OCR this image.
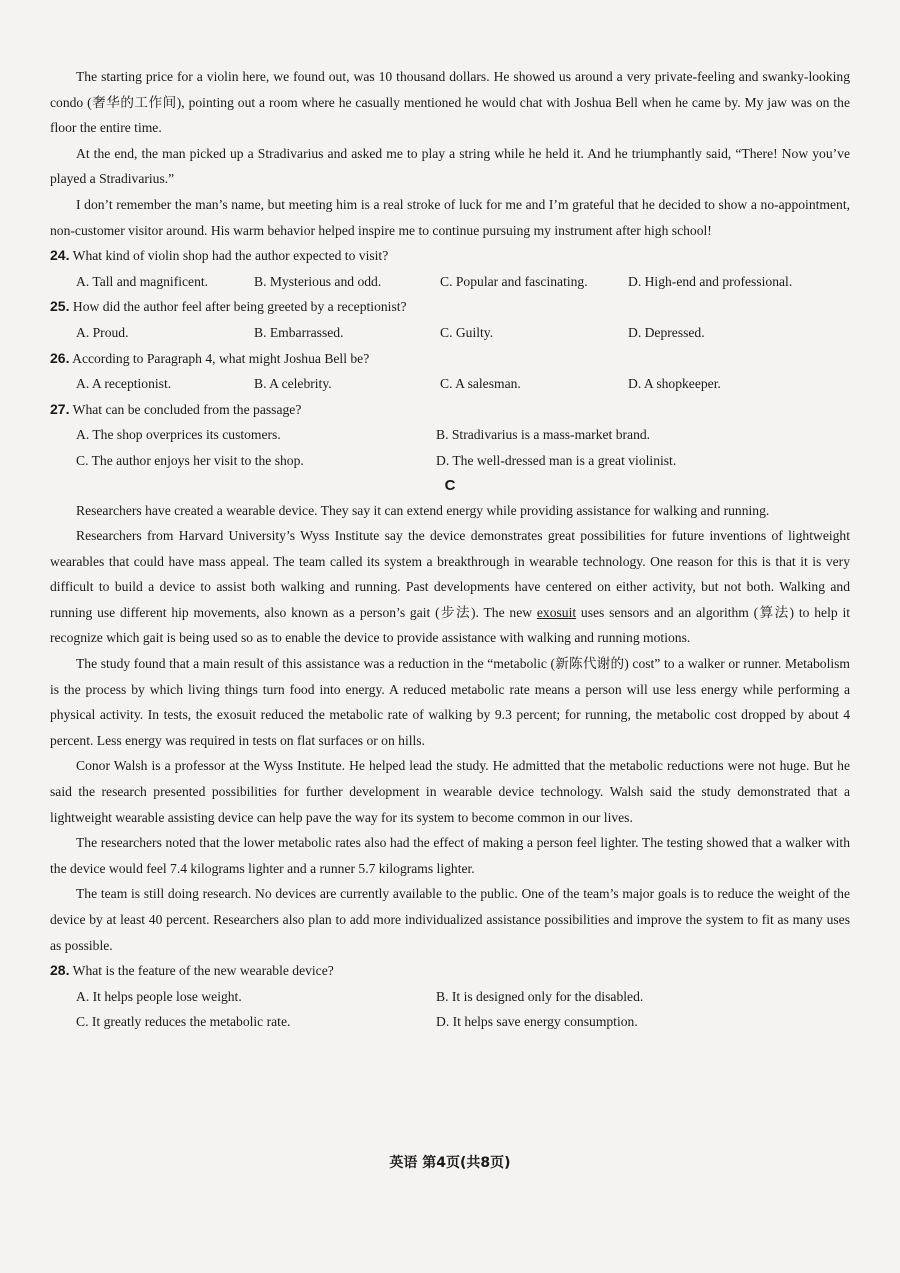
The starting price for a violin here, we found out, was 10 thousand dollars. He showed us around a very private-feeling and swanky-looking condo (奢华的工作间), pointing out a room where he casually mentioned he would chat with Joshua Bell when he came by. My jaw was on the floor the entire time.

At the end, the man picked up a Stradivarius and asked me to play a string while he held it. And he triumphantly said, “There! Now you’ve played a Stradivarius.”

I don’t remember the man’s name, but meeting him is a real stroke of luck for me and I’m grateful that he decided to show a no-appointment, non-customer visitor around. His warm behavior helped inspire me to continue pursuing my instrument after high school!

24. What kind of violin shop had the author expected to visit?

A. Tall and magnificent.	B. Mysterious and odd.	C. Popular and fascinating.	D. High-end and professional.

25. How did the author feel after being greeted by a receptionist?

A. Proud.	B. Embarrassed.	C. Guilty.	D. Depressed.

26. According to Paragraph 4, what might Joshua Bell be?

A. A receptionist.	B. A celebrity.	C. A salesman.	D. A shopkeeper.

27. What can be concluded from the passage?

A. The shop overprices its customers.	B. Stradivarius is a mass-market brand.
C. The author enjoys her visit to the shop.	D. The well-dressed man is a great violinist.
C

Researchers have created a wearable device. They say it can extend energy while providing assistance for walking and running.

Researchers from Harvard University’s Wyss Institute say the device demonstrates great possibilities for future inventions of lightweight wearables that could have mass appeal. The team called its system a breakthrough in wearable technology. One reason for this is that it is very difficult to build a device to assist both walking and running. Past developments have centered on either activity, but not both. Walking and running use different hip movements, also known as a person’s gait (步法). The new exosuit uses sensors and an algorithm (算法) to help it recognize which gait is being used so as to enable the device to provide assistance with walking and running motions.

The study found that a main result of this assistance was a reduction in the “metabolic (新陈代谢的) cost” to a walker or runner. Metabolism is the process by which living things turn food into energy. A reduced metabolic rate means a person will use less energy while performing a physical activity. In tests, the exosuit reduced the metabolic rate of walking by 9.3 percent; for running, the metabolic cost dropped by about 4 percent. Less energy was required in tests on flat surfaces or on hills.

Conor Walsh is a professor at the Wyss Institute. He helped lead the study. He admitted that the metabolic reductions were not huge. But he said the research presented possibilities for further development in wearable device technology. Walsh said the study demonstrated that a lightweight wearable assisting device can help pave the way for its system to become common in our lives.

The researchers noted that the lower metabolic rates also had the effect of making a person feel lighter. The testing showed that a walker with the device would feel 7.4 kilograms lighter and a runner 5.7 kilograms lighter.

The team is still doing research. No devices are currently available to the public. One of the team’s major goals is to reduce the weight of the device by at least 40 percent. Researchers also plan to add more individualized assistance possibilities and improve the system to fit as many uses as possible.

28. What is the feature of the new wearable device?

A. It helps people lose weight.	B. It is designed only for the disabled.
C. It greatly reduces the metabolic rate.	D. It helps save energy consumption.
英语 第4页(共8页)
